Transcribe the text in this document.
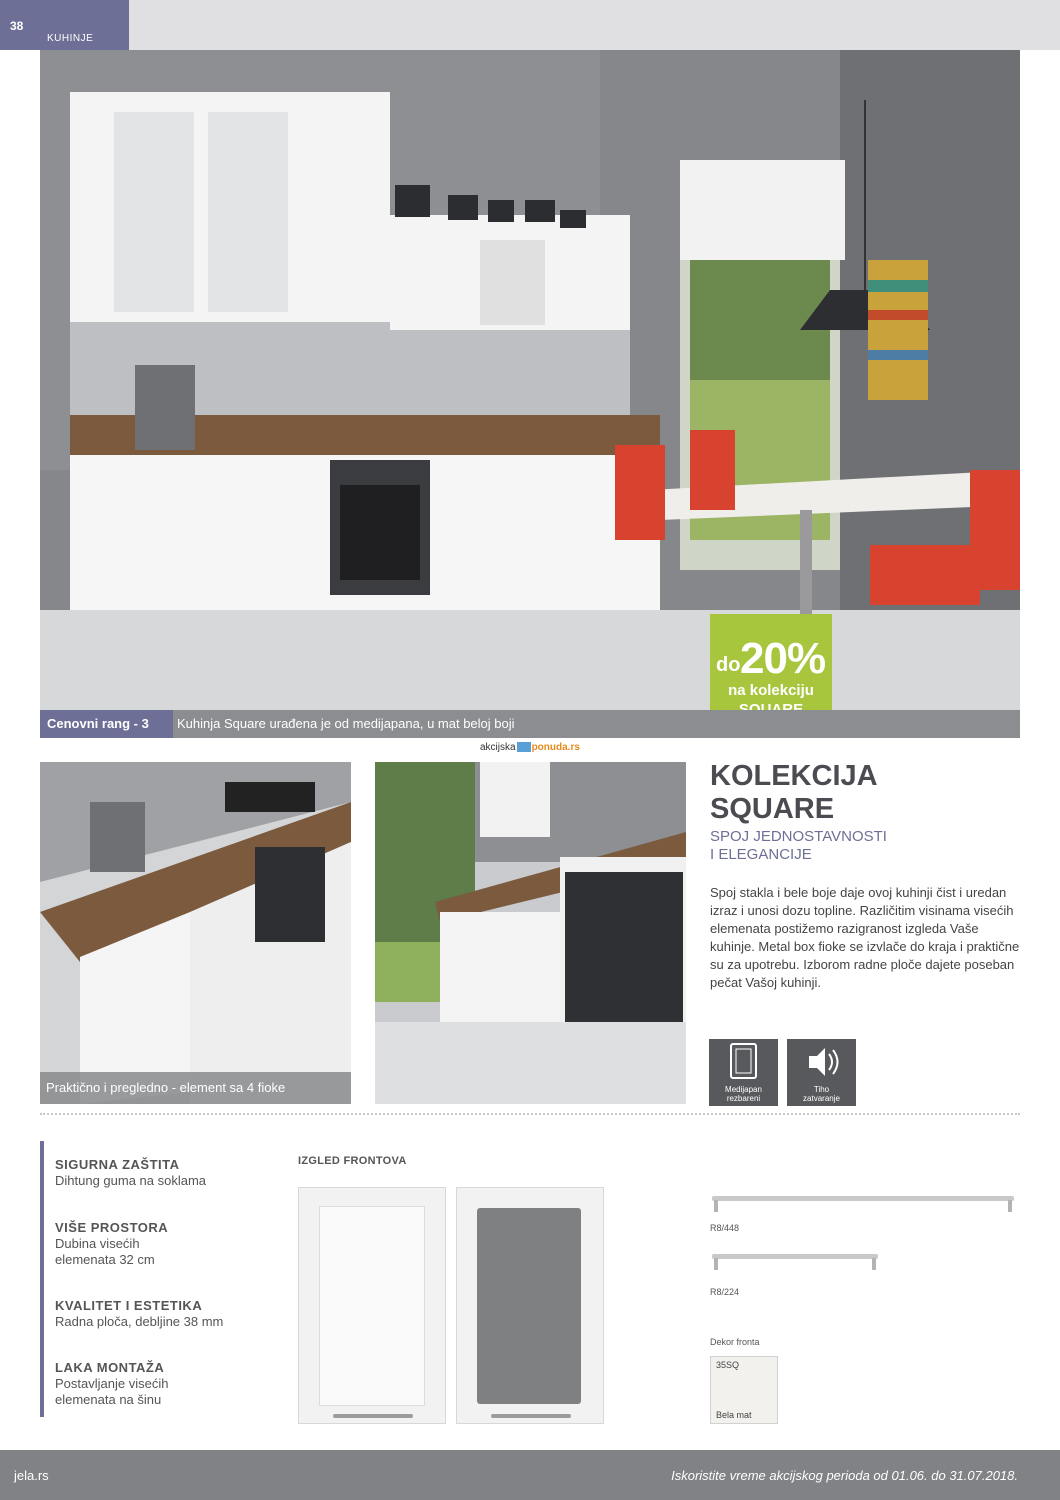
38
KUHINJE
do 20%
na kolekciju
Cenovni rang - 3	Kuhinja Square urađena je od medijapana, u mat beloj boji
akcijska ponuda.rs
Praktično i pregledno - element sa 4 fioke
KOLEKCIJA
SQUARE
SPOJ JEDNOSTAVNOSTI
I ELEGANCIJE
Spoj stakla i bele boje daje ovoj kuhinji čist i uredan izraz i unosi dozu topline. Različitim visinama visećih elemenata postižemo razigranost izgleda Vaše kuhinje. Metal box fioke se izvlače do kraja i praktične su za upotrebu. Izborom radne ploče dajete poseban pečat Vašoj kuhinji.
Medijapan
rezbareni
Tiho
zatvaranje
SIGURNA ZAŠTITA
Dihtung guma na soklama
VIŠE PROSTORA
Dubina visećih
elemenata 32 cm
KVALITET I ESTETIKA
Radna ploča, debljine 38 mm
LAKA MONTAŽA
Postavljanje visećih
elemenata na šinu
IZGLED FRONTOVA
R8/448
R8/224
Dekor fronta
35SQ
Bela mat
jela.rs	Iskoristite vreme akcijskog perioda od 01.06. do 31.07.2018.
